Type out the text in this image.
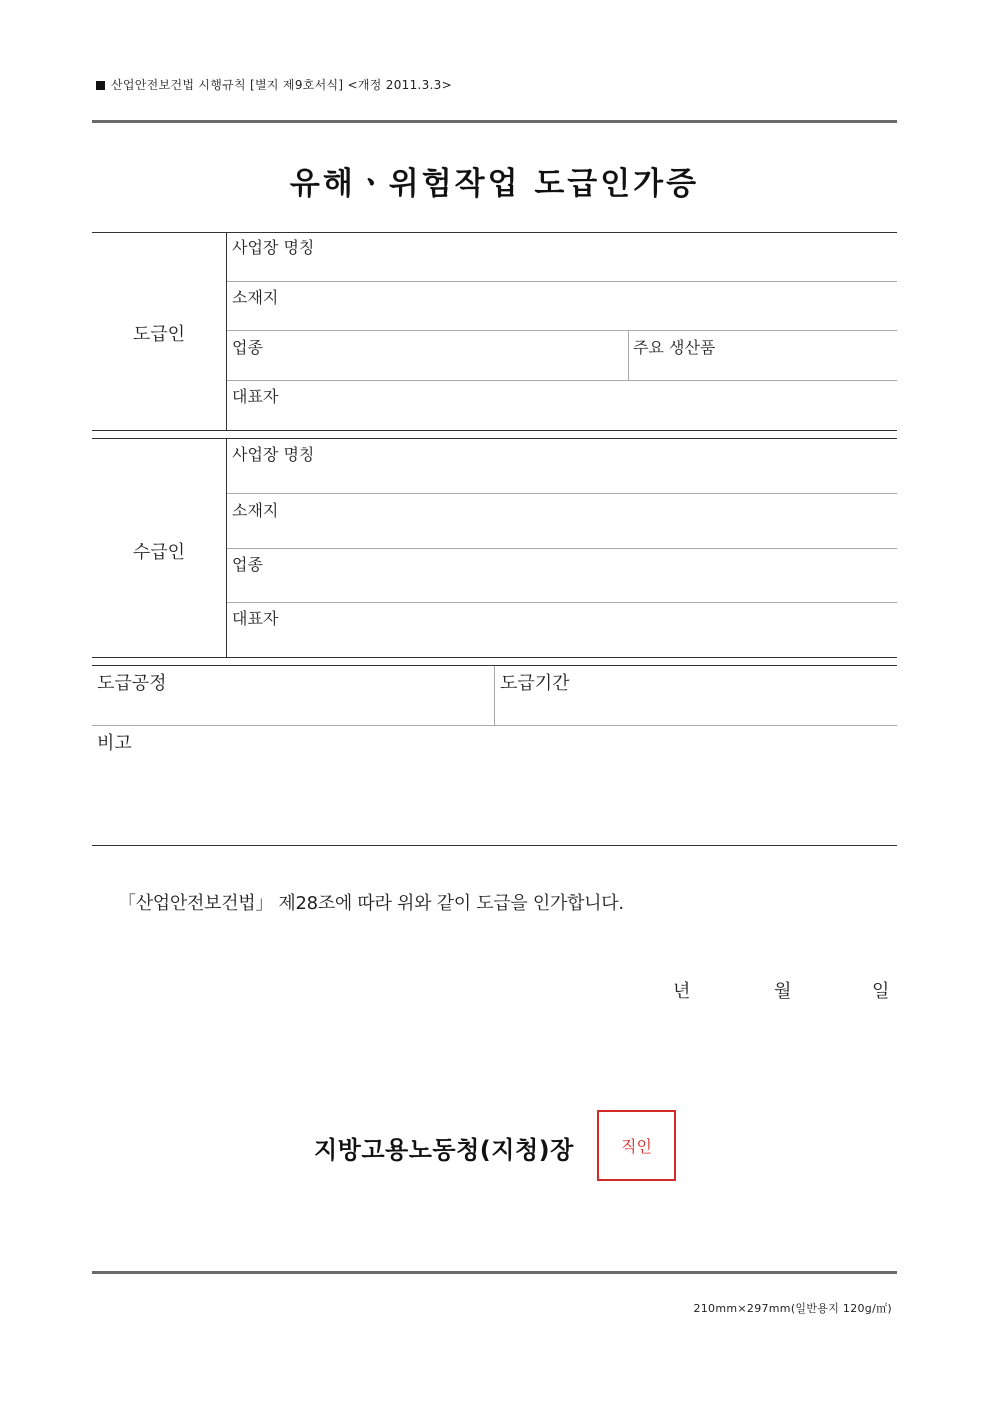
산업안전보건법 시행규칙 [별지 제9호서식] <개정 2011.3.3>
유해ㆍ위험작업 도급인가증
도급인
사업장 명칭
소재지
업종	주요 생산품
대표자
수급인
사업장 명칭
소재지
업종
대표자
도급공정	도급기간
비고
「산업안전보건법」 제28조에 따라 위와 같이 도급을 인가합니다.
년	월	일
지방고용노동청(지청)장	직인
210mm×297mm(일반용지 120g/㎡)
